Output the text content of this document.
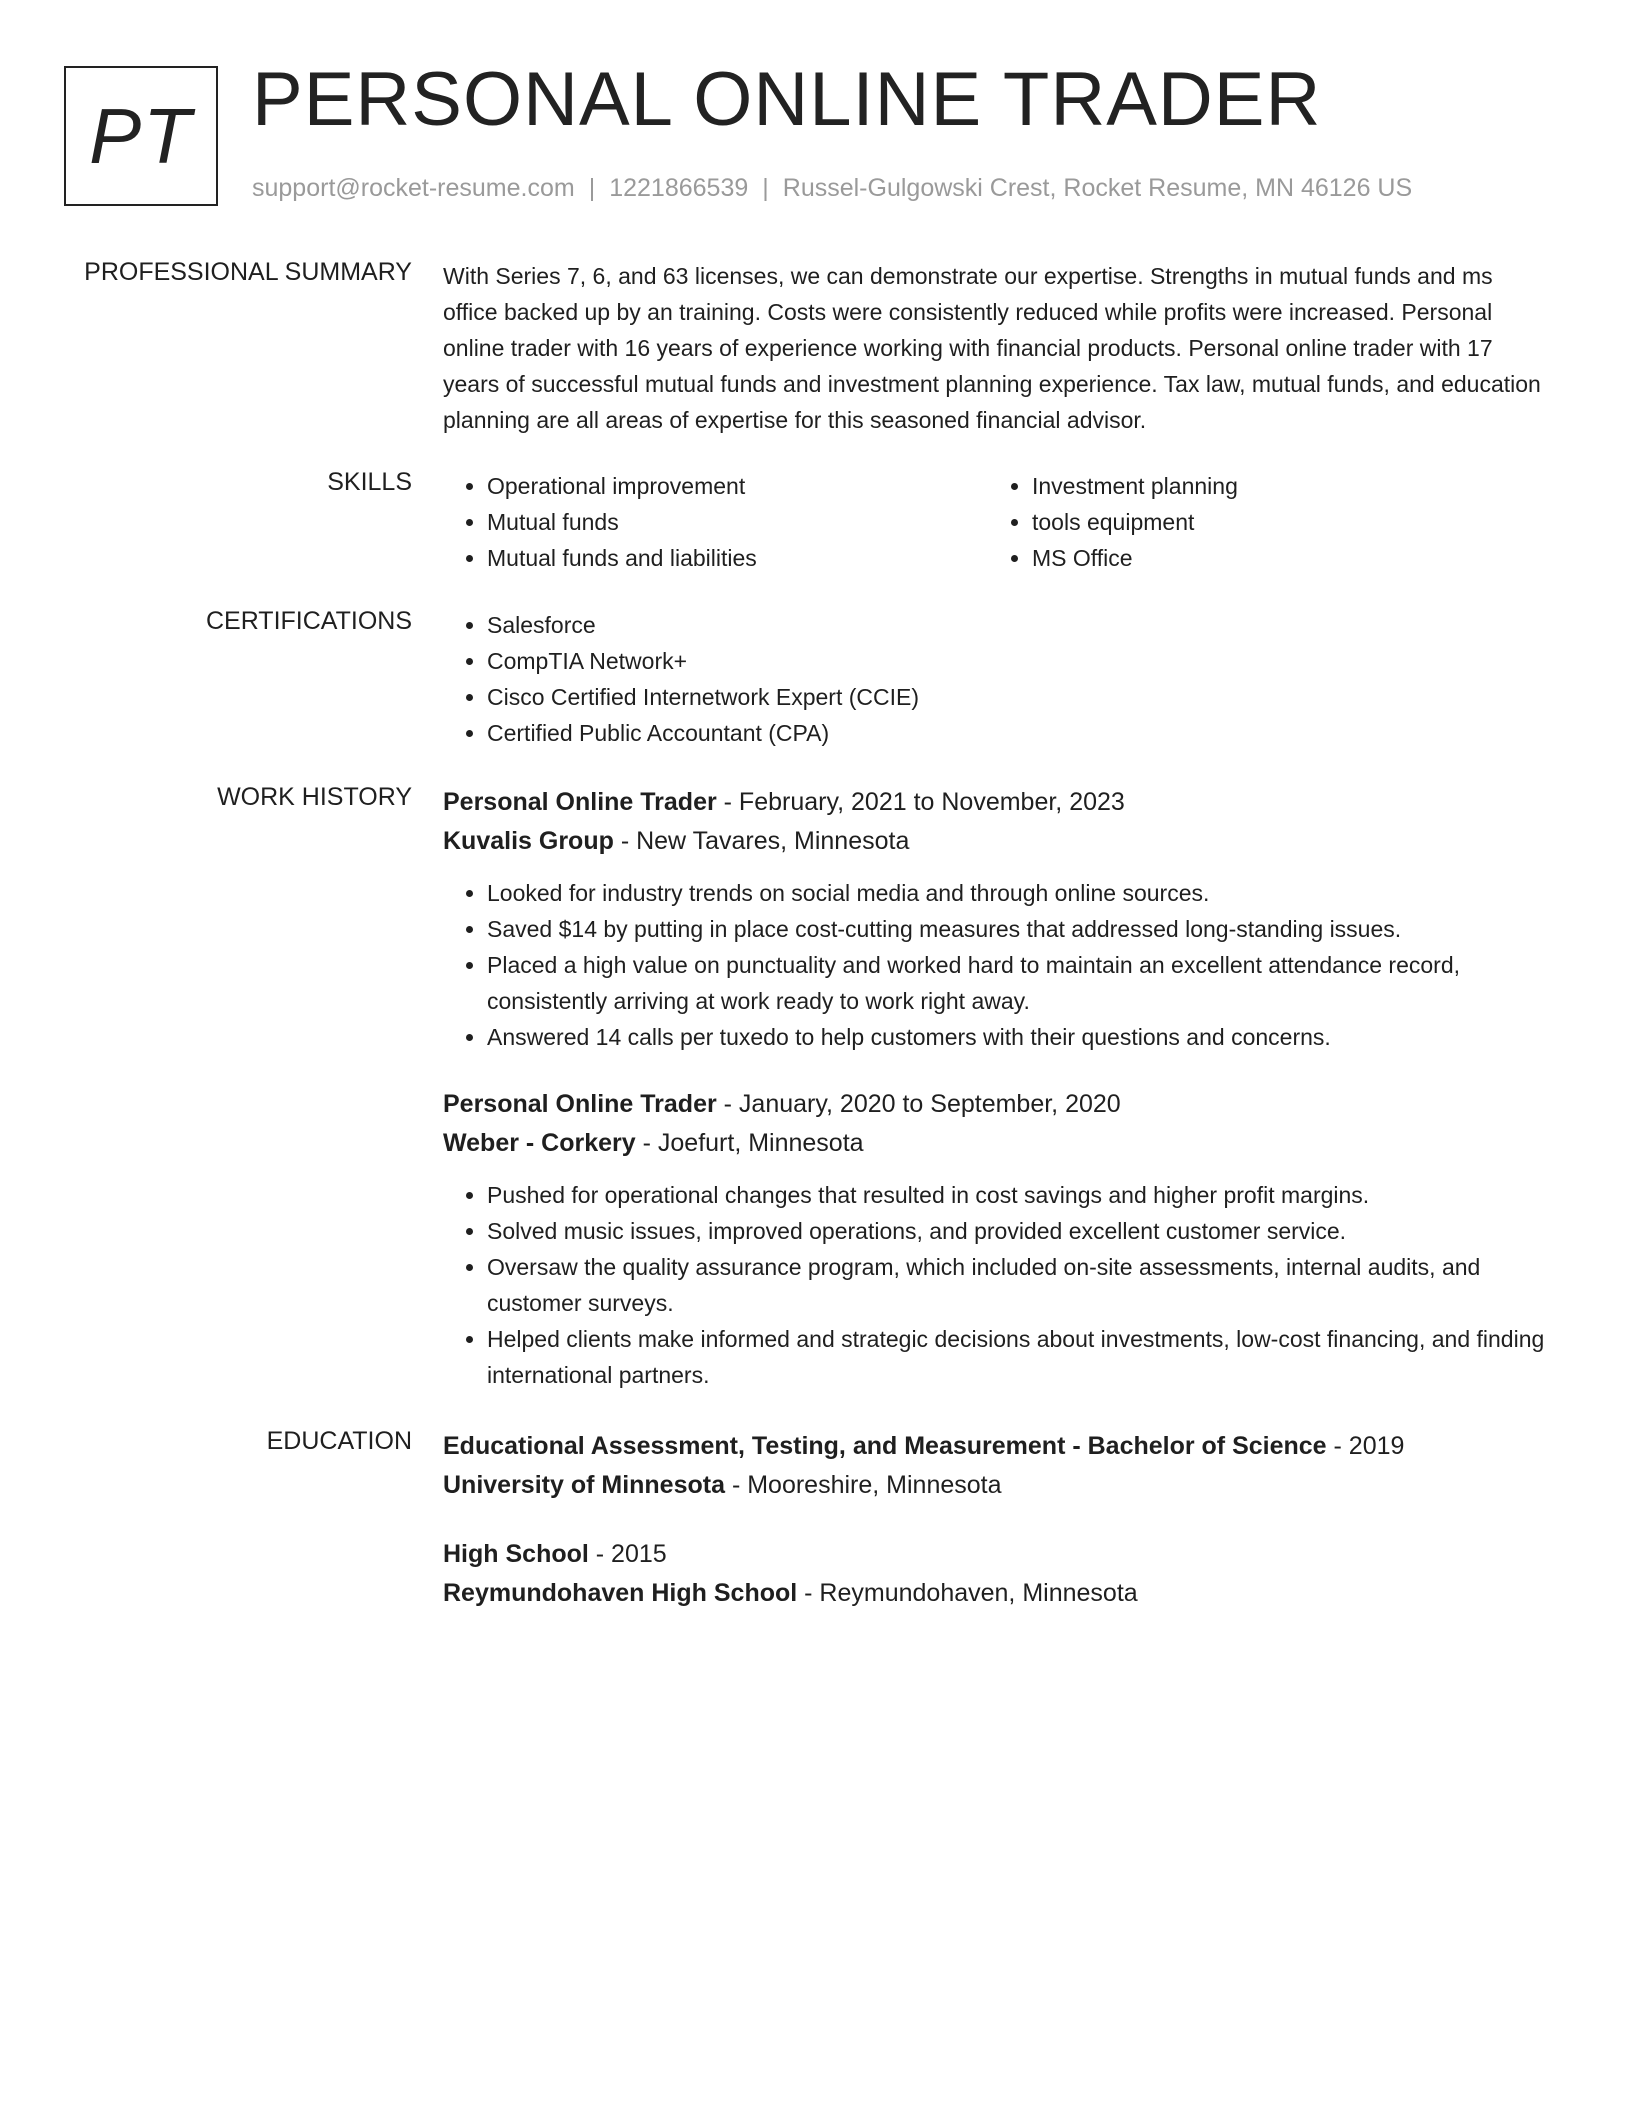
PT PERSONAL ONLINE TRADER
support@rocket-resume.com | 1221866539 | Russel-Gulgowski Crest, Rocket Resume, MN 46126 US
PROFESSIONAL SUMMARY With Series 7, 6, and 63 licenses, we can demonstrate our expertise. Strengths in mutual funds and ms office backed up by an training. Costs were consistently reduced while profits were increased. Personal online trader with 16 years of experience working with financial products. Personal online trader with 17 years of successful mutual funds and investment planning experience. Tax law, mutual funds, and education planning are all areas of expertise for this seasoned financial advisor.
SKILLS	• Operational improvement
• Mutual funds
• Mutual funds and liabilities
• Investment planning
• tools equipment
• MS Office
CERTIFICATIONS	• Salesforce
• CompTIA Network+
• Cisco Certified Internetwork Expert (CCIE)
• Certified Public Accountant (CPA)
WORK HISTORY Personal Online Trader - February, 2021 to November, 2023
Kuvalis Group - New Tavares, Minnesota
• Looked for industry trends on social media and through online sources.
• Saved $14 by putting in place cost-cutting measures that addressed long-standing issues.
• Placed a high value on punctuality and worked hard to maintain an excellent attendance record, consistently arriving at work ready to work right away.
• Answered 14 calls per tuxedo to help customers with their questions and concerns.
Personal Online Trader - January, 2020 to September, 2020
Weber - Corkery - Joefurt, Minnesota
• Pushed for operational changes that resulted in cost savings and higher profit margins.
• Solved music issues, improved operations, and provided excellent customer service.
• Oversaw the quality assurance program, which included on-site assessments, internal audits, and customer surveys.
• Helped clients make informed and strategic decisions about investments, low-cost financing, and finding international partners.
EDUCATION Educational Assessment, Testing, and Measurement - Bachelor of Science - 2019
University of Minnesota - Mooreshire, Minnesota
High School - 2015
Reymundohaven High School - Reymundohaven, Minnesota
